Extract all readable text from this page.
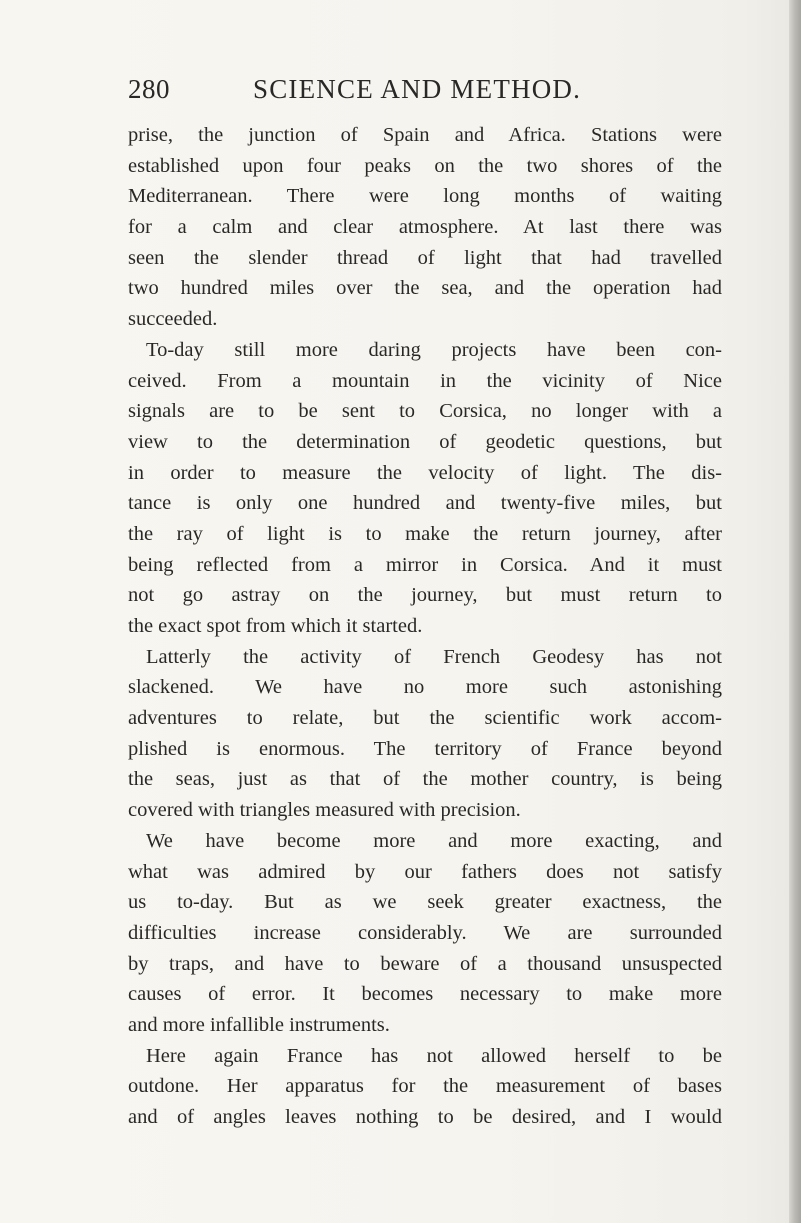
280	SCIENCE AND METHOD.
prise, the junction of Spain and Africa. Stations were
established upon four peaks on the two shores of the
Mediterranean. There were long months of waiting
for a calm and clear atmosphere. At last there was
seen the slender thread of light that had travelled
two hundred miles over the sea, and the operation had
succeeded.
To-day still more daring projects have been con-
ceived. From a mountain in the vicinity of Nice
signals are to be sent to Corsica, no longer with a
view to the determination of geodetic questions, but
in order to measure the velocity of light. The dis-
tance is only one hundred and twenty-five miles, but
the ray of light is to make the return journey, after
being reflected from a mirror in Corsica. And it must
not go astray on the journey, but must return to
the exact spot from which it started.
Latterly the activity of French Geodesy has not
slackened. We have no more such astonishing
adventures to relate, but the scientific work accom-
plished is enormous. The territory of France beyond
the seas, just as that of the mother country, is being
covered with triangles measured with precision.
We have become more and more exacting, and
what was admired by our fathers does not satisfy
us to-day. But as we seek greater exactness, the
difficulties increase considerably. We are surrounded
by traps, and have to beware of a thousand unsuspected
causes of error. It becomes necessary to make more
and more infallible instruments.
Here again France has not allowed herself to be
outdone. Her apparatus for the measurement of bases
and of angles leaves nothing to be desired, and I would
